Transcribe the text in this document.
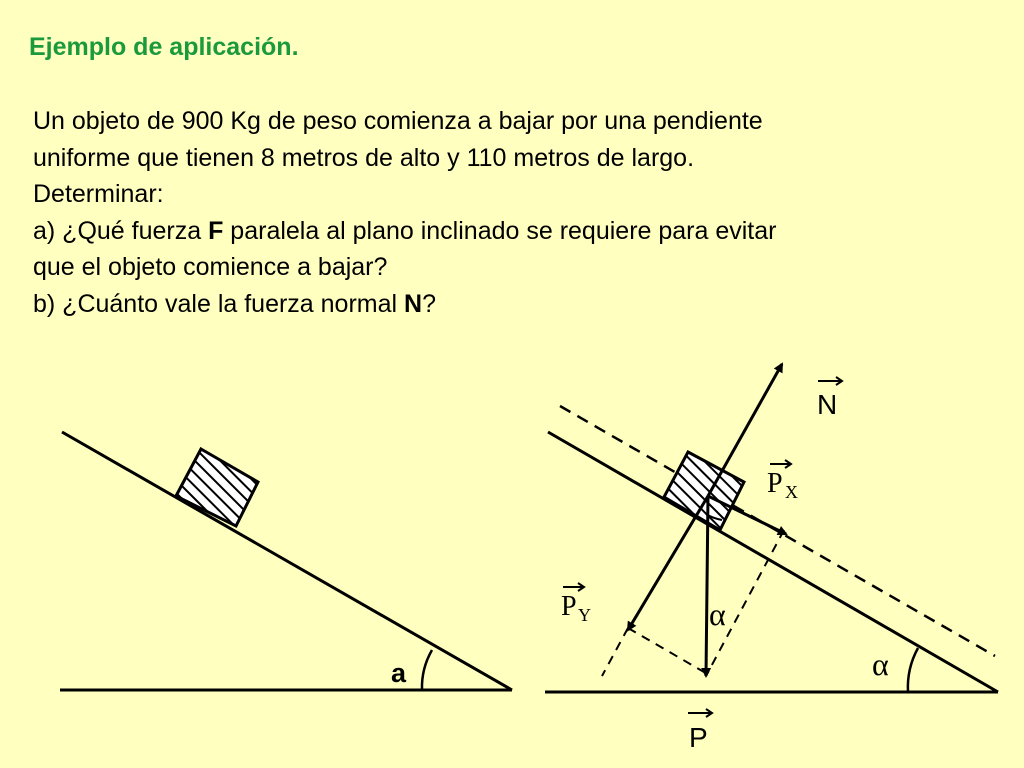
Ejemplo de aplicación.

Un objeto de 900 Kg de peso comienza a bajar por una pendiente

uniforme que tienen 8 metros de alto y 110 metros de largo.

Determinar:

a) ¿Qué fuerza F paralela al plano inclinado se requiere para evitar

que el objeto comience a bajar?

b) ¿Cuánto vale la fuerza normal N?

a
N
P X
P Y
P
α
α
